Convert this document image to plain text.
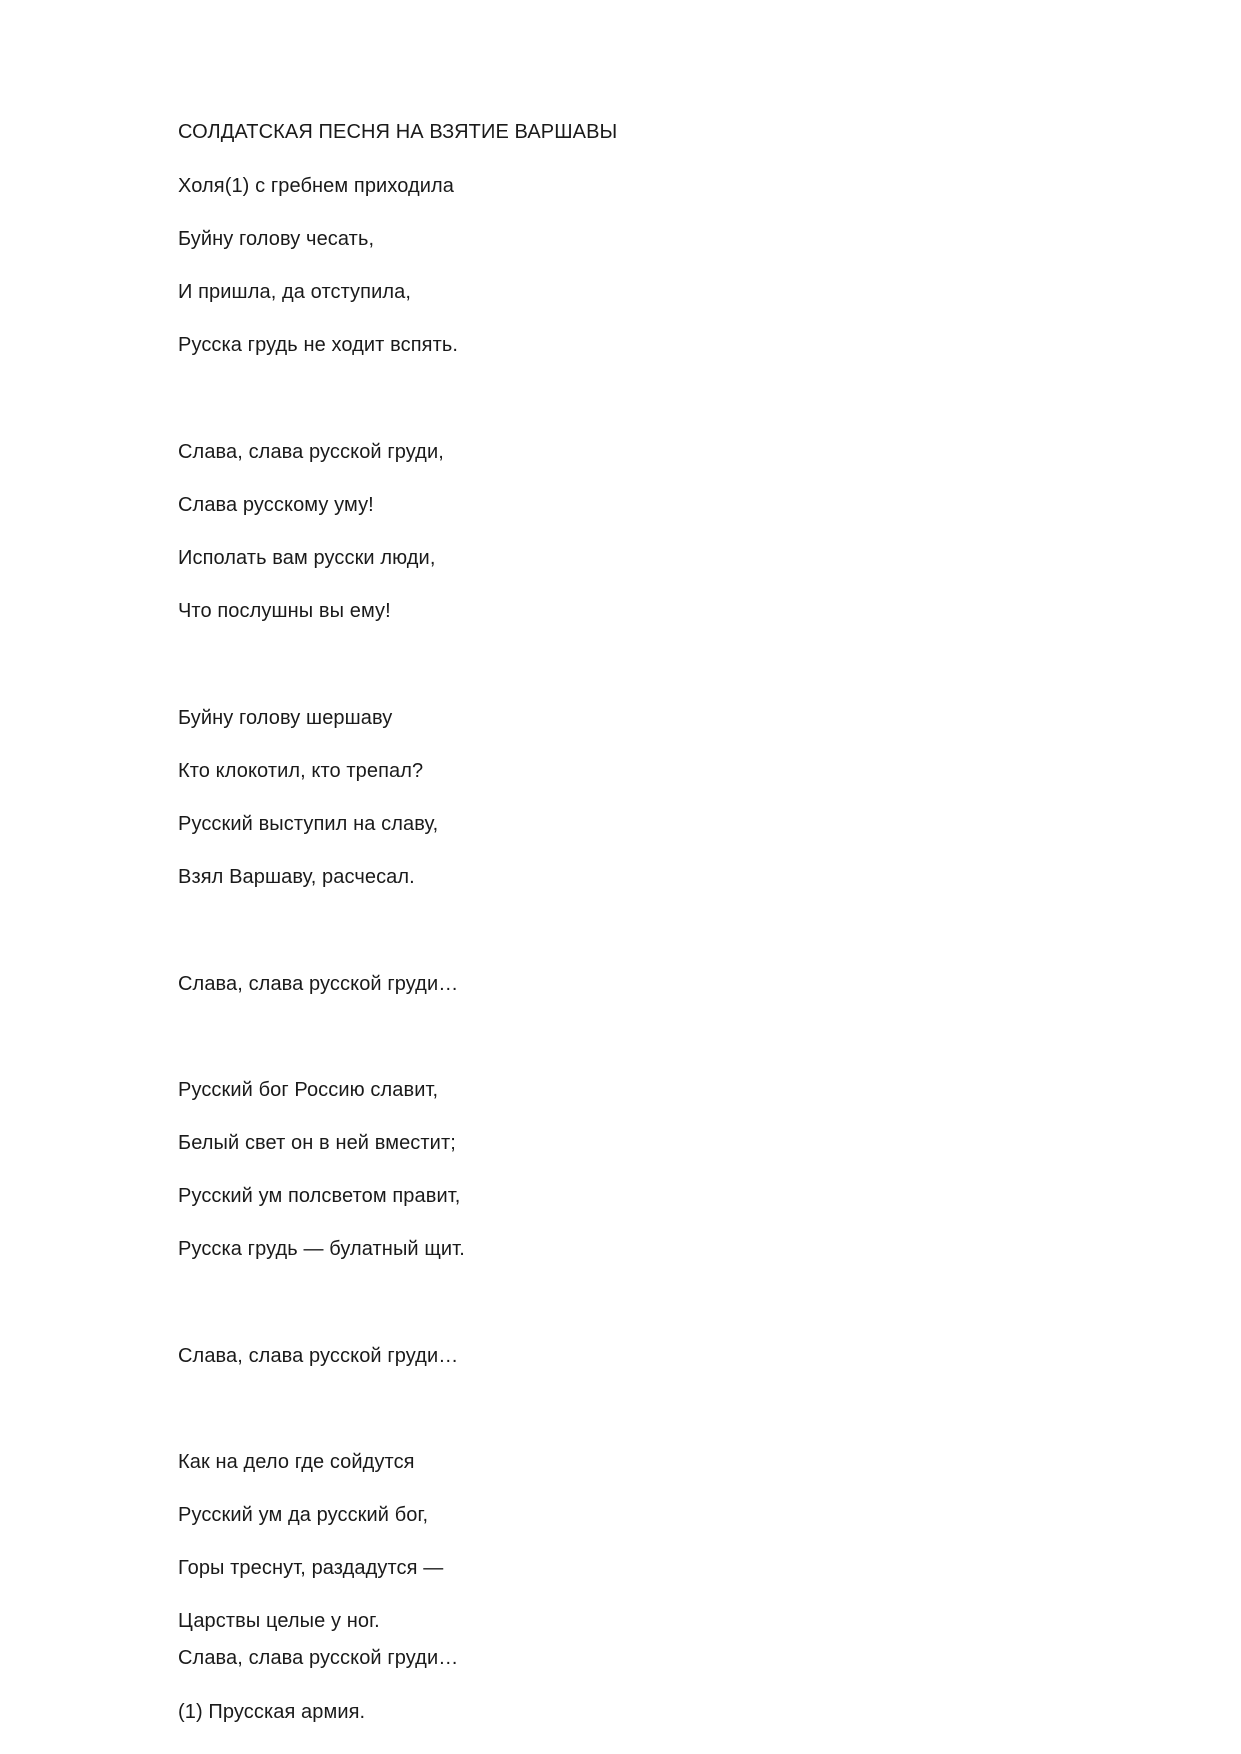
СОЛДАТСКАЯ ПЕСНЯ НА ВЗЯТИЕ ВАРШАВЫ
Холя(1) с гребнем приходила
Буйну голову чесать,
И пришла, да отступила,
Русска грудь не ходит вспять.
Слава, слава русской груди,
Слава русскому уму!
Исполать вам русски люди,
Что послушны вы ему!
Буйну голову шершаву
Кто клокотил, кто трепал?
Русский выступил на славу,
Взял Варшаву, расчесал.
Слава, слава русской груди…
Русский бог Россию славит,
Белый свет он в ней вместит;
Русский ум полсветом правит,
Русска грудь — булатный щит.
Слава, слава русской груди…
Как на дело где сойдутся
Русский ум да русский бог,
Горы треснут, раздадутся —
Царствы целые у ног.
Слава, слава русской груди…
(1) Прусская армия.
